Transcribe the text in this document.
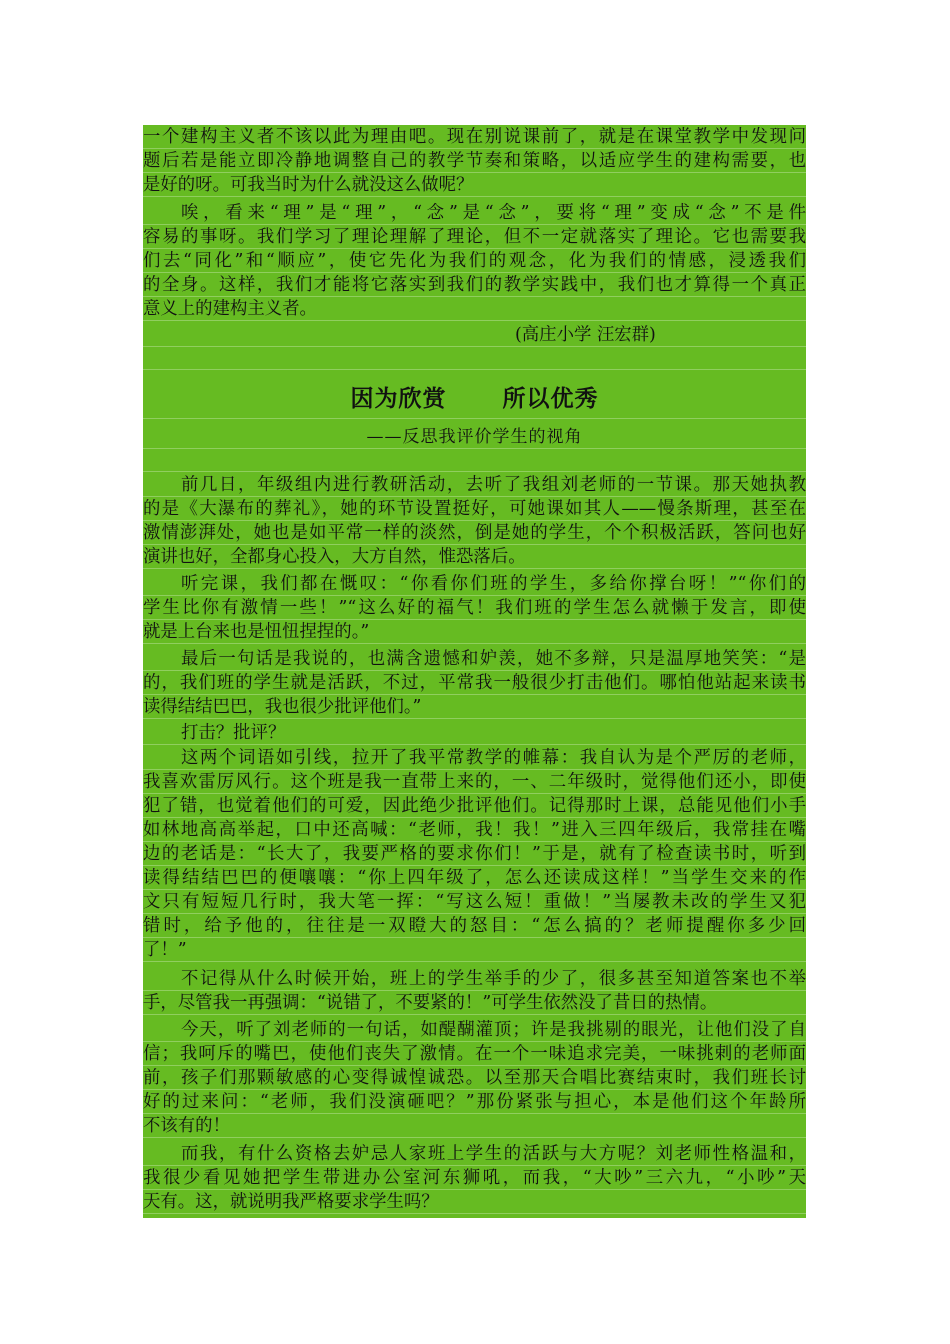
一个建构主义者不该以此为理由吧。现在别说课前了，就是在课堂教学中发现问
题后若是能立即冷静地调整自己的教学节奏和策略，以适应学生的建构需要，也
是好的呀。可我当时为什么就没这么做呢？
唉，看来“理”是“理”，“念”是“念”，要将“理”变成“念”不是件
容易的事呀。我们学习了理论理解了理论，但不一定就落实了理论。它也需要我
们去“同化”和“顺应”，使它先化为我们的观念，化为我们的情感，浸透我们
的全身。这样，我们才能将它落实到我们的教学实践中，我们也才算得一个真正
意义上的建构主义者。
(高庄小学 汪宏群)
因为欣赏 所以优秀
——反思我评价学生的视角
前几日，年级组内进行教研活动，去听了我组刘老师的一节课。那天她执教
的是《大瀑布的葬礼》，她的环节设置挺好，可她课如其人——慢条斯理，甚至在
激情澎湃处，她也是如平常一样的淡然，倒是她的学生，个个积极活跃，答问也好
演讲也好，全都身心投入，大方自然，惟恐落后。
听完课，我们都在慨叹：“你看你们班的学生，多给你撑台呀！”“你们的
学生比你有激情一些！”“这么好的福气！我们班的学生怎么就懒于发言，即使
就是上台来也是忸忸捏捏的。”
最后一句话是我说的，也满含遗憾和妒羡，她不多辩，只是温厚地笑笑：“是
的，我们班的学生就是活跃，不过，平常我一般很少打击他们。哪怕他站起来读书
读得结结巴巴，我也很少批评他们。”
打击？批评？
这两个词语如引线，拉开了我平常教学的帷幕：我自认为是个严厉的老师，
我喜欢雷厉风行。这个班是我一直带上来的，一、二年级时，觉得他们还小，即使
犯了错，也觉着他们的可爱，因此绝少批评他们。记得那时上课，总能见他们小手
如林地高高举起，口中还高喊：“老师，我！我！”进入三四年级后，我常挂在嘴
边的老话是：“长大了，我要严格的要求你们！”于是，就有了检查读书时，听到
读得结结巴巴的便嚷嚷：“你上四年级了，怎么还读成这样！”当学生交来的作
文只有短短几行时，我大笔一挥：“写这么短！重做！”当屡教未改的学生又犯
错时，给予他的，往往是一双瞪大的怒目：“怎么搞的？老师提醒你多少回
了！”
不记得从什么时候开始，班上的学生举手的少了，很多甚至知道答案也不举
手，尽管我一再强调：“说错了，不要紧的！”可学生依然没了昔日的热情。
今天，听了刘老师的一句话，如醍醐灌顶；许是我挑剔的眼光，让他们没了自
信；我呵斥的嘴巴，使他们丧失了激情。在一个一味追求完美，一味挑剌的老师面
前，孩子们那颗敏感的心变得诚惶诚恐。以至那天合唱比赛结束时，我们班长讨
好的过来问：“老师，我们没演砸吧？”那份紧张与担心，本是他们这个年龄所
不该有的！
而我，有什么资格去妒忌人家班上学生的活跃与大方呢？刘老师性格温和，
我很少看见她把学生带进办公室河东狮吼，而我，“大吵”三六九，“小吵”天
天有。这，就说明我严格要求学生吗？
